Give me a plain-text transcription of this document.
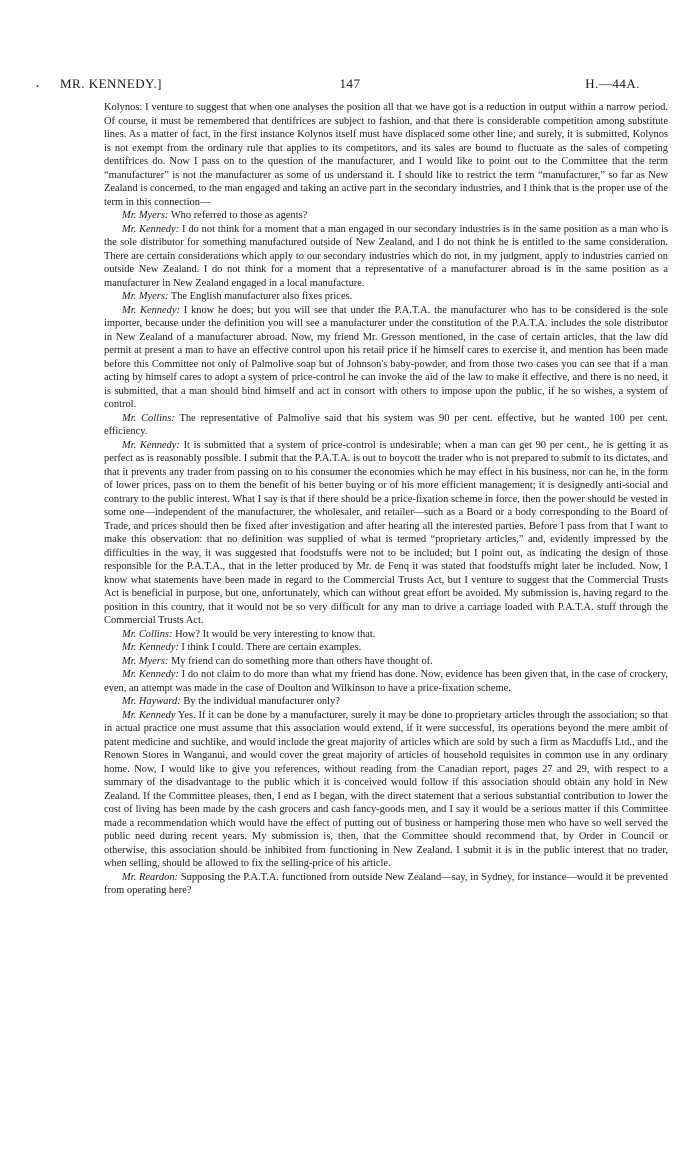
• MR. KENNEDY.]	147	H.—44A.

Kolynos: I venture to suggest that when one analyses the position all that we have got is a reduction in output within a narrow period. Of course, it must be remembered that dentifrices are subject to fashion, and that there is considerable competition among substitute lines. As a matter of fact, in the first instance Kolynos itself must have displaced some other line; and surely, it is submitted, Kolynos is not exempt from the ordinary rule that applies to its competitors, and its sales are bound to fluctuate as the sales of competing dentifrices do. Now I pass on to the question of the manufacturer, and I would like to point out to the Committee that the term “manufacturer” is not the manufacturer as some of us understand it. I should like to restrict the term “manufacturer,” so far as New Zealand is concerned, to the man engaged and taking an active part in the secondary industries, and I think that is the proper use of the term in this connection—

Mr. Myers: Who referred to those as agents?

Mr. Kennedy: I do not think for a moment that a man engaged in our secondary industries is in the same position as a man who is the sole distributor for something manufactured outside of New Zealand, and I do not think he is entitled to the same consideration. There are certain considerations which apply to our secondary industries which do not, in my judgment, apply to industries carried on outside New Zealand. I do not think for a moment that a representative of a manufacturer abroad is in the same position as a manufacturer in New Zealand engaged in a local manufacture.

Mr. Myers: The English manufacturer also fixes prices.

Mr. Kennedy: I know he does; but you will see that under the P.A.T.A. the manufacturer who has to be considered is the sole importer, because under the definition you will see a manufacturer under the constitution of the P.A.T.A. includes the sole distributor in New Zealand of a manufacturer abroad. Now, my friend Mr. Gresson mentioned, in the case of certain articles, that the law did permit at present a man to have an effective control upon his retail price if he himself cares to exercise it, and mention has been made before this Committee not only of Palmolive soap but of Johnson's baby-powder, and from those two cases you can see that if a man acting by himself cares to adopt a system of price-control he can invoke the aid of the law to make it effective, and there is no need, it is submitted, that a man should bind himself and act in consort with others to impose upon the public, if he so wishes, a system of control.

Mr. Collins: The representative of Palmolive said that his system was 90 per cent. effective, but he wanted 100 per cent. efficiency.

Mr. Kennedy: It is submitted that a system of price-control is undesirable; when a man can get 90 per cent., he is getting it as perfect as is reasonably possible. I submit that the P.A.T.A. is out to boycott the trader who is not prepared to submit to its dictates, and that it prevents any trader from passing on to his consumer the economies which he may effect in his business, nor can he, in the form of lower prices, pass on to them the benefit of his better buying or of his more efficient management; it is designedly anti-social and contrary to the public interest. What I say is that if there should be a price-fixation scheme in force, then the power should be vested in some one—independent of the manufacturer, the wholesaler, and retailer—such as a Board or a body corresponding to the Board of Trade, and prices should then be fixed after investigation and after hearing all the interested parties. Before I pass from that I want to make this observation: that no definition was supplied of what is termed “proprietary articles,” and, evidently impressed by the difficulties in the way, it was suggested that foodstuffs were not to be included; but I point out, as indicating the design of those responsible for the P.A.T.A., that in the letter produced by Mr. de Fenq it was stated that foodstuffs might later be included. Now, I know what statements have been made in regard to the Commercial Trusts Act, but I venture to suggest that the Commercial Trusts Act is beneficial in purpose, but one, unfortunately, which can without great effort be avoided. My submission is, having regard to the position in this country, that it would not be so very difficult for any man to drive a carriage loaded with P.A.T.A. stuff through the Commercial Trusts Act.

Mr. Collins: How? It would be very interesting to know that.

Mr. Kennedy: I think I could. There are certain examples.

Mr. Myers: My friend can do something more than others have thought of.

Mr. Kennedy: I do not claim to do more than what my friend has done. Now, evidence has been given that, in the case of crockery, even, an attempt was made in the case of Doulton and Wilkinson to have a price-fixation scheme.

Mr. Hayward: By the individual manufacturer only?

Mr. Kennedy Yes. If it can be done by a manufacturer, surely it may be done to proprietary articles through the association; so that in actual practice one must assume that this association would extend, if it were successful, its operations beyond the mere ambit of patent medicine and suchlike, and would include the great majority of articles which are sold by such a firm as Macduffs Ltd., and the Renown Stores in Wanganui, and would cover the great majority of articles of household requisites in common use in any ordinary home. Now, I would like to give you references, without reading from the Canadian report, pages 27 and 29, with respect to a summary of the disadvantage to the public which it is conceived would follow if this association should obtain any hold in New Zealand. If the Committee pleases, then, I end as I began, with the direct statement that a serious substantial contribution to lower the cost of living has been made by the cash grocers and cash fancy-goods men, and I say it would be a serious matter if this Committee made a recommendation which would have the effect of putting out of business or hampering those men who have so well served the public need during recent years. My submission is, then, that the Committee should recommend that, by Order in Council or otherwise, this association should be inhibited from functioning in New Zealand. I submit it is in the public interest that no trader, when selling, should be allowed to fix the selling-price of his article.

Mr. Reardon: Supposing the P.A.T.A. functioned from outside New Zealand—say, in Sydney, for instance—would it be prevented from operating here?
